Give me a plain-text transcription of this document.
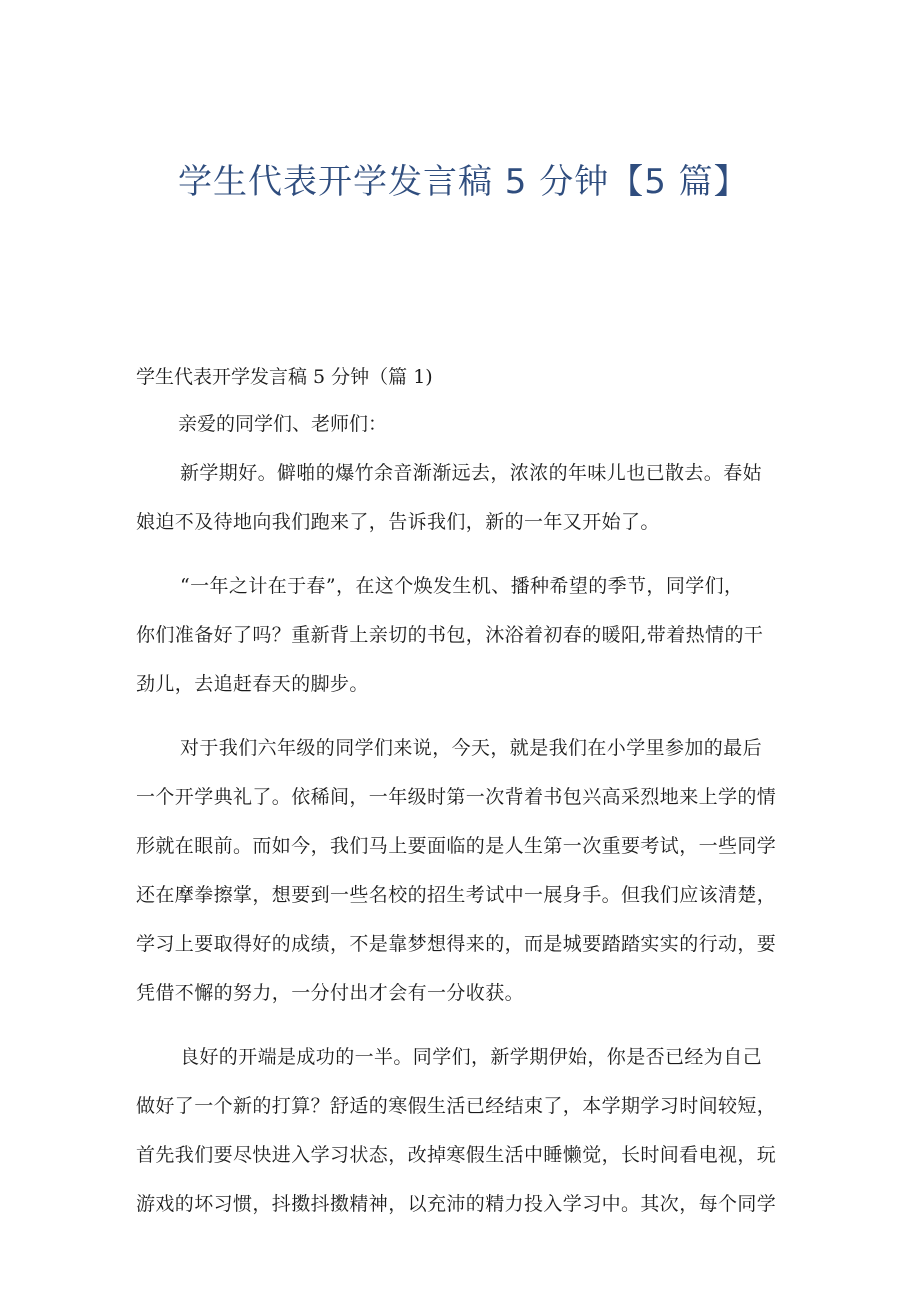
学生代表开学发言稿 5 分钟【5 篇】
学生代表开学发言稿 5 分钟（篇 1)

亲爱的同学们、老师们：

新学期好。僻啪的爆竹余音渐渐远去，浓浓的年味儿也已散去。春姑
娘迫不及待地向我们跑来了，告诉我们，新的一年又开始了。

“一年之计在于春”，在这个焕发生机、播种希望的季节，同学们，
你们准备好了吗？重新背上亲切的书包，沐浴着初春的暖阳,带着热情的干
劲儿，去追赶春天的脚步。

对于我们六年级的同学们来说，今天，就是我们在小学里参加的最后
一个开学典礼了。依稀间，一年级时第一次背着书包兴高采烈地来上学的情
形就在眼前。而如今，我们马上要面临的是人生第一次重要考试，一些同学
还在摩拳擦掌，想要到一些名校的招生考试中一展身手。但我们应该清楚，
学习上要取得好的成绩，不是靠梦想得来的，而是城要踏踏实实的行动，要
凭借不懈的努力，一分付出才会有一分收获。

良好的开端是成功的一半。同学们，新学期伊始，你是否已经为自己
做好了一个新的打算？舒适的寒假生活已经结束了，本学期学习时间较短，
首先我们要尽快进入学习状态，改掉寒假生活中睡懒觉，长时间看电视，玩
游戏的坏习惯，抖擞抖擞精神，以充沛的精力投入学习中。其次，每个同学
